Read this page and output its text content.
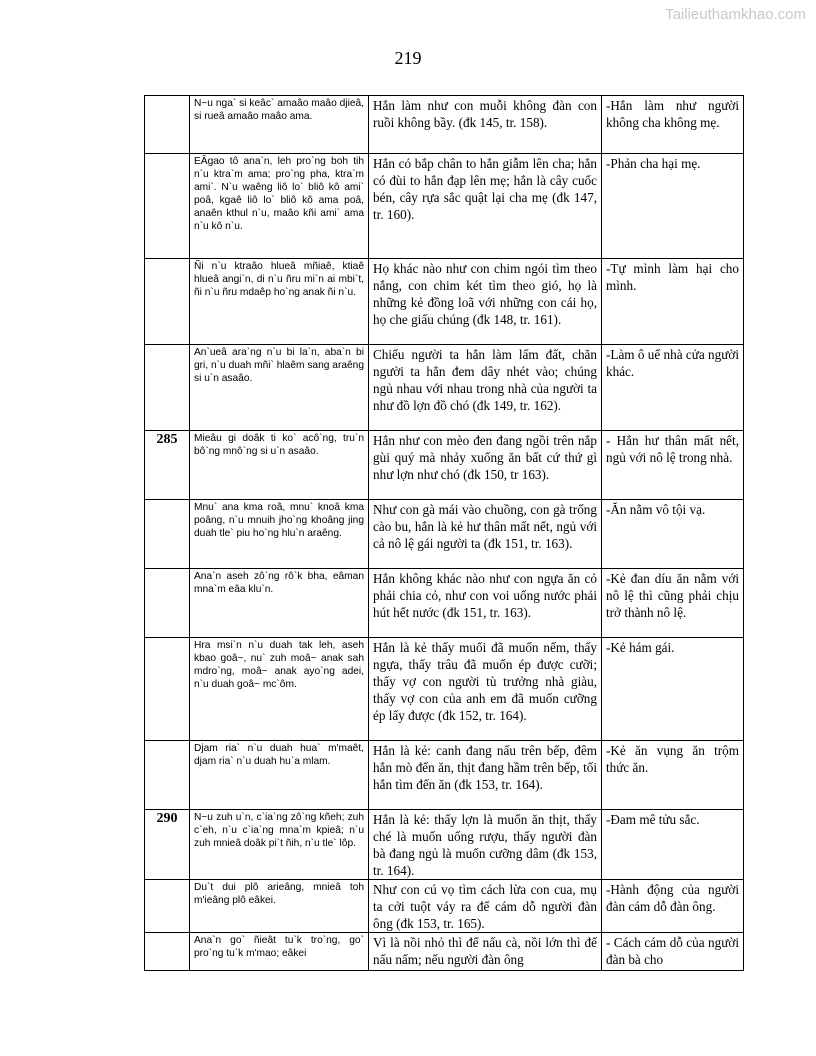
Tailieuthamkhao.com
219
	N~u nga` si keâc` amaâo maâo djieâ, si rueâ amaâo maâo ama.	Hắn làm như con muỗi không đàn con ruồi không bầy. (đk 145, tr. 158).	-Hắn làm như người không cha không mẹ.
	EÂgao tô ana`n, leh pro`ng boh tih n`u ktra`m ama; pro`ng pha, ktra`m ami`. N`u waêng liô lo` bliô kô ami` poâ, kgaê liô lo` bliô kô ama poâ, anaên kthul n`u, maâo kñi ami` ama n`u kô n`u.	Hắn có bắp chân to hắn giẫm lên cha; hắn có đùi to hắn đạp lên mẹ; hắn là cây cuốc bén, cây rựa sắc quật lại cha mẹ (đk 147, tr. 160).	-Phản cha hại mẹ.
	Ñi n`u ktraâo hlueâ mñiaê, ktiaê hlueâ angi`n, di n`u ñru mi`n ai mbi`t, ñi n`u ñru mdaêp ho`ng anak ñi n`u.	Họ khác nào như con chim ngói tìm theo nắng, con chim két tìm theo gió, họ là những kẻ đồng loã với những con cái họ, họ che giấu chúng (đk 148, tr. 161).	-Tự mình làm hại cho mình.
	An`ueâ ara`ng n`u bi la`n, aba`n bi gri, n`u duah mñi` hlaêm sang araêng si u`n asaâo.	Chiếu người ta hắn làm lấm đất, chăn người ta hắn đem dây nhét vào; chúng ngủ nhau với nhau trong nhà của người ta như đồ lợn đồ chó (đk 149, tr. 162).	-Làm ô uế nhà cửa người khác.
285	Mieâu gi doâk ti ko` acô`ng, tru`n bô`ng mnô`ng si u`n asaâo.	Hắn như con mèo đen đang ngồi trên nắp gùi quý mà nhảy xuống ăn bất cứ thứ gì như lợn như chó (đk 150, tr 163).	- Hắn hư thân mất nết, ngủ với nô lệ trong nhà.
	Mnu` ana kma roâ, mnu` knoâ kma poâng, n`u mnuih jho`ng khoâng jing duah tle` piu ho`ng hlu`n araêng.	Như con gà mái vào chuồng, con gà trống cào bu, hắn là kẻ hư thân mất nết, ngủ với cả nô lệ gái người ta (đk 151, tr. 163).	-Ăn nằm vô tội vạ.
	Ana`n aseh zô`ng rô`k bha, eâman mna`m eâa klu`n.	Hắn không khác nào như con ngựa ăn cỏ phải chia cỏ, như con voi uống nước phải hút hết nước (đk 151, tr. 163).	-Kẻ đan díu ăn nằm với nô lệ thì cũng phải chịu trở thành nô lệ.
	Hra msi`n n`u duah tak leh, aseh kbao goâ~, nu` zuh moâ~ anak sah mdro`ng, moâ~ anak ayo`ng adei, n`u duah goâ~ mc`ôm.	Hắn là kẻ thấy muối đã muốn nếm, thấy ngựa, thấy trâu đã muốn ép được cưỡi; thấy vợ con người tù trưởng nhà giàu, thấy vợ con của anh em đã muốn cưỡng ép lấy được (đk 152, tr. 164).	-Kẻ hám gái.
	Djam ria` n`u duah hua` m'maêt, djam ria` n`u duah hu`a mlam.	Hắn là kẻ: canh đang nấu trên bếp, đêm hắn mò đến ăn, thịt đang hầm trên bếp, tối hắn tìm đến ăn (đk 153, tr. 164).	-Kẻ ăn vụng ăn trộm thức ăn.
290	N~u zuh u`n, c`ia`ng zô`ng kñeh; zuh c`eh, n`u c`ia`ng mna`m kpieâ; n`u zuh mnieâ doâk pi`t ñih, n`u tle` lôp.	Hắn là kẻ: thấy lợn là muốn ăn thịt, thấy ché là muốn uống rượu, thấy người đàn bà đang ngủ là muốn cưỡng dâm (đk 153, tr. 164).	-Đam mê tửu sắc.
	Du`t dui plô arieâng, mnieâ toh m'ieâng plô eâkei.	Như con cú vọ tìm cách lừa con cua, mụ ta cởi tuột váy ra để cám dỗ người đàn ông (đk 153, tr. 165).	-Hành động của người đàn cám dỗ đàn ông.
	Ana`n go` ñieât tu`k tro`ng, go` pro`ng tu`k m'mao; eâkei	Vì là nồi nhỏ thì để nấu cà, nồi lớn thì để nấu nấm; nếu người đàn ông	- Cách cám dỗ của người đàn bà cho
